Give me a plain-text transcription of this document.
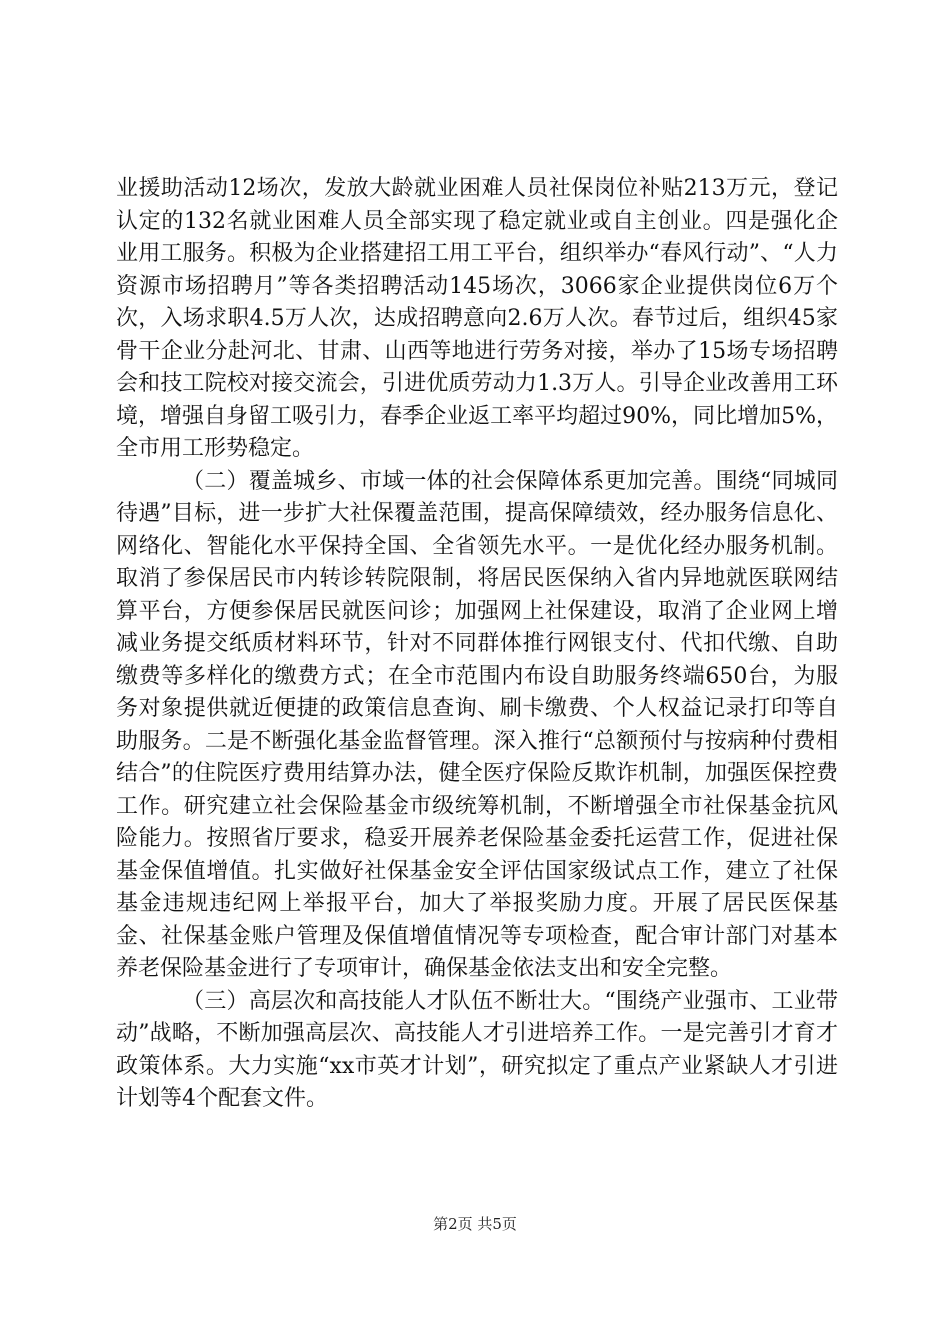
业援助活动12场次，发放大龄就业困难人员社保岗位补贴213万元，登记认定的132名就业困难人员全部实现了稳定就业或自主创业。四是强化企业用工服务。积极为企业搭建招工用工平台，组织举办“春风行动”、“人力资源市场招聘月”等各类招聘活动145场次，3066家企业提供岗位6万个次，入场求职4.5万人次，达成招聘意向2.6万人次。春节过后，组织45家骨干企业分赴河北、甘肃、山西等地进行劳务对接，举办了15场专场招聘会和技工院校对接交流会，引进优质劳动力1.3万人。引导企业改善用工环境，增强自身留工吸引力，春季企业返工率平均超过90%，同比增加5%，全市用工形势稳定。

（二）覆盖城乡、市域一体的社会保障体系更加完善。围绕“同城同待遇”目标，进一步扩大社保覆盖范围，提高保障绩效，经办服务信息化、网络化、智能化水平保持全国、全省领先水平。一是优化经办服务机制。取消了参保居民市内转诊转院限制，将居民医保纳入省内异地就医联网结算平台，方便参保居民就医问诊；加强网上社保建设，取消了企业网上增减业务提交纸质材料环节，针对不同群体推行网银支付、代扣代缴、自助缴费等多样化的缴费方式；在全市范围内布设自助服务终端650台，为服务对象提供就近便捷的政策信息查询、刷卡缴费、个人权益记录打印等自助服务。二是不断强化基金监督管理。深入推行“总额预付与按病种付费相结合”的住院医疗费用结算办法，健全医疗保险反欺诈机制，加强医保控费工作。研究建立社会保险基金市级统筹机制，不断增强全市社保基金抗风险能力。按照省厅要求，稳妥开展养老保险基金委托运营工作，促进社保基金保值增值。扎实做好社保基金安全评估国家级试点工作，建立了社保基金违规违纪网上举报平台，加大了举报奖励力度。开展了居民医保基金、社保基金账户管理及保值增值情况等专项检查，配合审计部门对基本养老保险基金进行了专项审计，确保基金依法支出和安全完整。

（三）高层次和高技能人才队伍不断壮大。“围绕产业强市、工业带动”战略，不断加强高层次、高技能人才引进培养工作。一是完善引才育才政策体系。大力实施“xx市英才计划”，研究拟定了重点产业紧缺人才引进计划等4个配套文件。

第2页 共5页
